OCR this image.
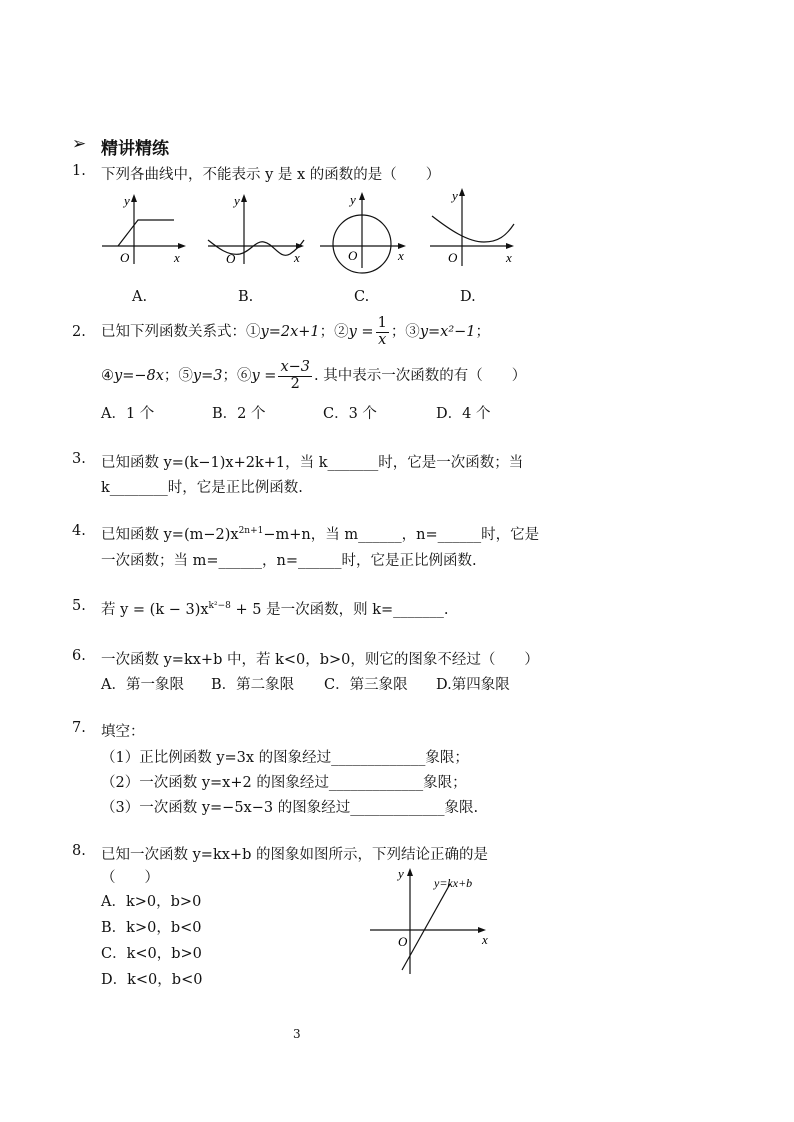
➢ 精讲精练
1.	下列各曲线中，不能表示 y 是 x 的函数的是（　　）
y
O	x
y
O	x
y
O	x
y
O	x
A.	B.	C.	D.
2.	已知下列函数关系式：①y=2x+1；②y = $\frac{1}{x}$ ；③y=x²−1；
④y=−8x；⑤y=3；⑥y = $\frac{x-3}{2}$ . 其中表示一次函数的有（　　）
A．1 个	B．2 个	C．3 个	D．4 个
3.	已知函数 y=(k−1)x+2k+1，当 k_______时，它是一次函数；当
k________时，它是正比例函数.
4.	已知函数 $y=(m-2)x^{2n+1}-m+n$，当 m______，n=______时，它是
一次函数；当 m=______，n=______时，它是正比例函数.
5.	若 $y = (k - 3)x^{k^2-8} + 5$ 是一次函数，则 k=_______.
6.	一次函数 y=kx+b 中，若 k<0，b>0，则它的图象不经过（　　）
A．第一象限 B．第二象限 C．第三象限 D.第四象限
7.	填空：
（1）正比例函数 y=3x 的图象经过_____________象限；
（2）一次函数 y=x+2 的图象经过_____________象限；
（3）一次函数 y=−5x−3 的图象经过_____________象限.
8.	已知一次函数 y=kx+b 的图象如图所示，下列结论正确的是
（　　）
A．k>0，b>0
B．k>0，b<0
C．k<0，b>0
D．k<0，b<0
y
O	x
y=kx+b
3
